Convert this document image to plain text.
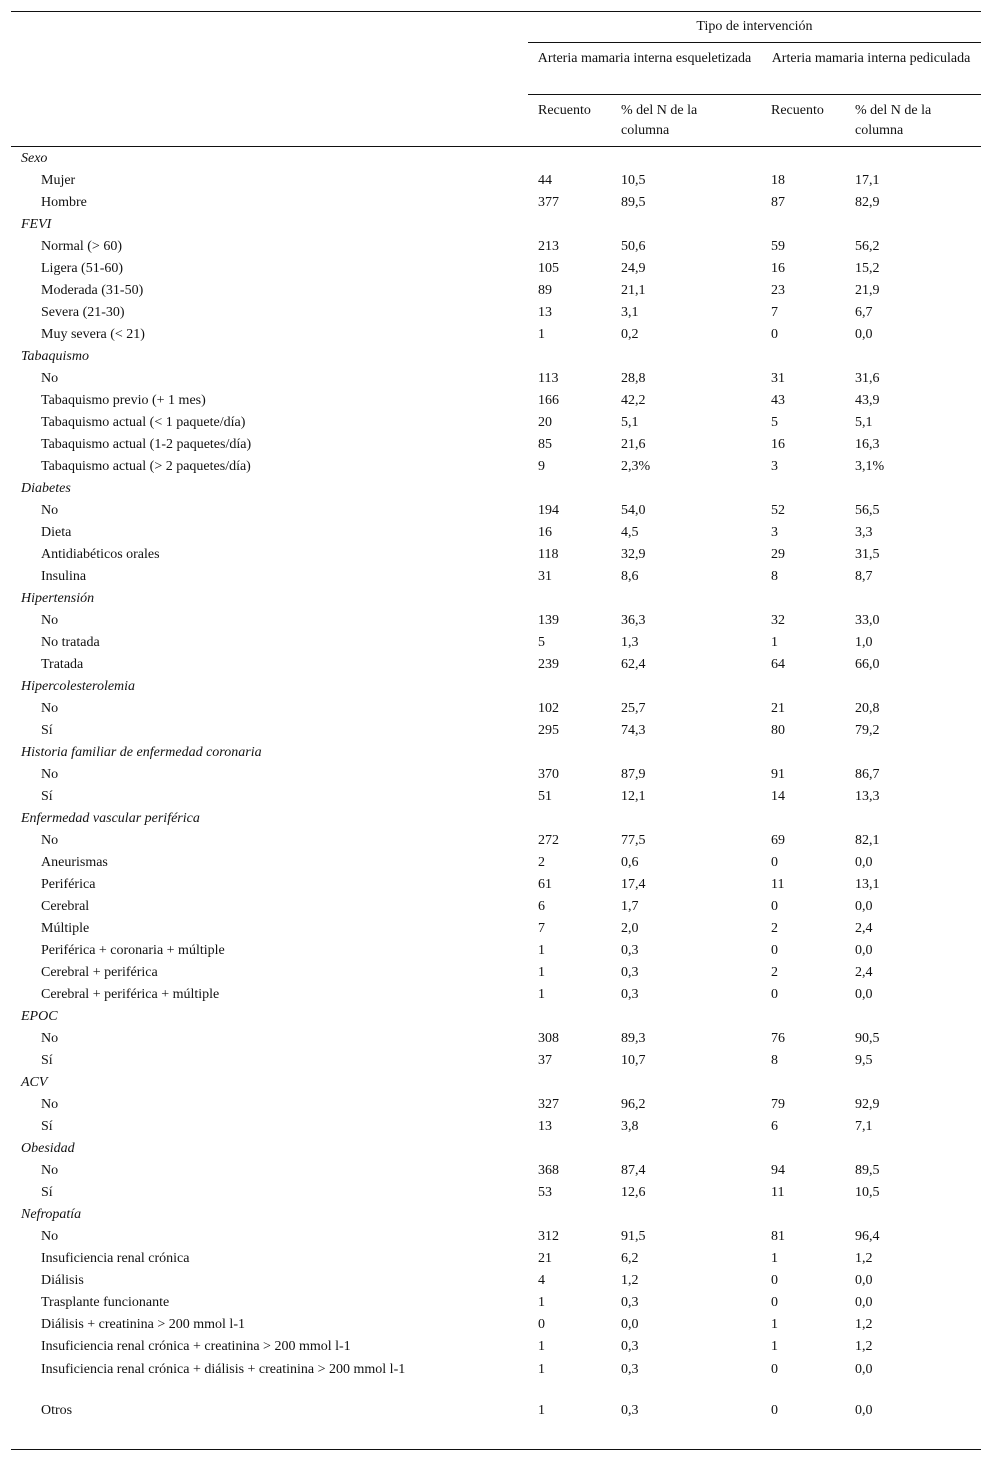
Tipo de intervención
Arteria mamaria interna esqueletizada	Arteria mamaria interna pediculada
Recuento % del N de la columna
Recuento % del N de la columna
Sexo
Mujer	44	10,5	18	17,1
Hombre	377	89,5	87	82,9
FEVI
Normal (> 60)	213	50,6	59	56,2
Ligera (51-60)	105	24,9	16	15,2
Moderada (31-50)	89	21,1	23	21,9
Severa (21-30)	13	3,1	7	6,7
Muy severa (< 21)	1	0,2	0	0,0
Tabaquismo
No	113	28,8	31	31,6
Tabaquismo previo (+ 1 mes)	166	42,2	43	43,9
Tabaquismo actual (< 1 paquete/día)	20	5,1	5	5,1
Tabaquismo actual (1-2 paquetes/día)	85	21,6	16	16,3
Tabaquismo actual (> 2 paquetes/día)	9	2,3%	3	3,1%
Diabetes
No	194	54,0	52	56,5
Dieta	16	4,5	3	3,3
Antidiabéticos orales	118	32,9	29	31,5
Insulina	31	8,6	8	8,7
Hipertensión
No	139	36,3	32	33,0
No tratada	5	1,3	1	1,0
Tratada	239	62,4	64	66,0
Hipercolesterolemia
No	102	25,7	21	20,8
Sí	295	74,3	80	79,2
Historia familiar de enfermedad coronaria
No	370	87,9	91	86,7
Sí	51	12,1	14	13,3
Enfermedad vascular periférica
No	272	77,5	69	82,1
Aneurismas	2	0,6	0	0,0
Periférica	61	17,4	11	13,1
Cerebral	6	1,7	0	0,0
Múltiple	7	2,0	2	2,4
Periférica + coronaria + múltiple	1	0,3	0	0,0
Cerebral + periférica	1	0,3	2	2,4
Cerebral + periférica + múltiple	1	0,3	0	0,0
EPOC
No	308	89,3	76	90,5
Sí	37	10,7	8	9,5
ACV
No	327	96,2	79	92,9
Sí	13	3,8	6	7,1
Obesidad
No	368	87,4	94	89,5
Sí	53	12,6	11	10,5
Nefropatía
No	312	91,5	81	96,4
Insuficiencia renal crónica	21	6,2	1	1,2
Diálisis	4	1,2	0	0,0
Trasplante funcionante	1	0,3	0	0,0
Diálisis + creatinina > 200 mmol l-1	0	0,0	1	1,2
Insuficiencia renal crónica + creatinina > 200 mmol l-1	1	0,3	1	1,2
Insuficiencia renal crónica + diálisis + creatinina > 200 mmol l-1	1	0,3	0	0,0
Otros	1	0,3	0	0,0
